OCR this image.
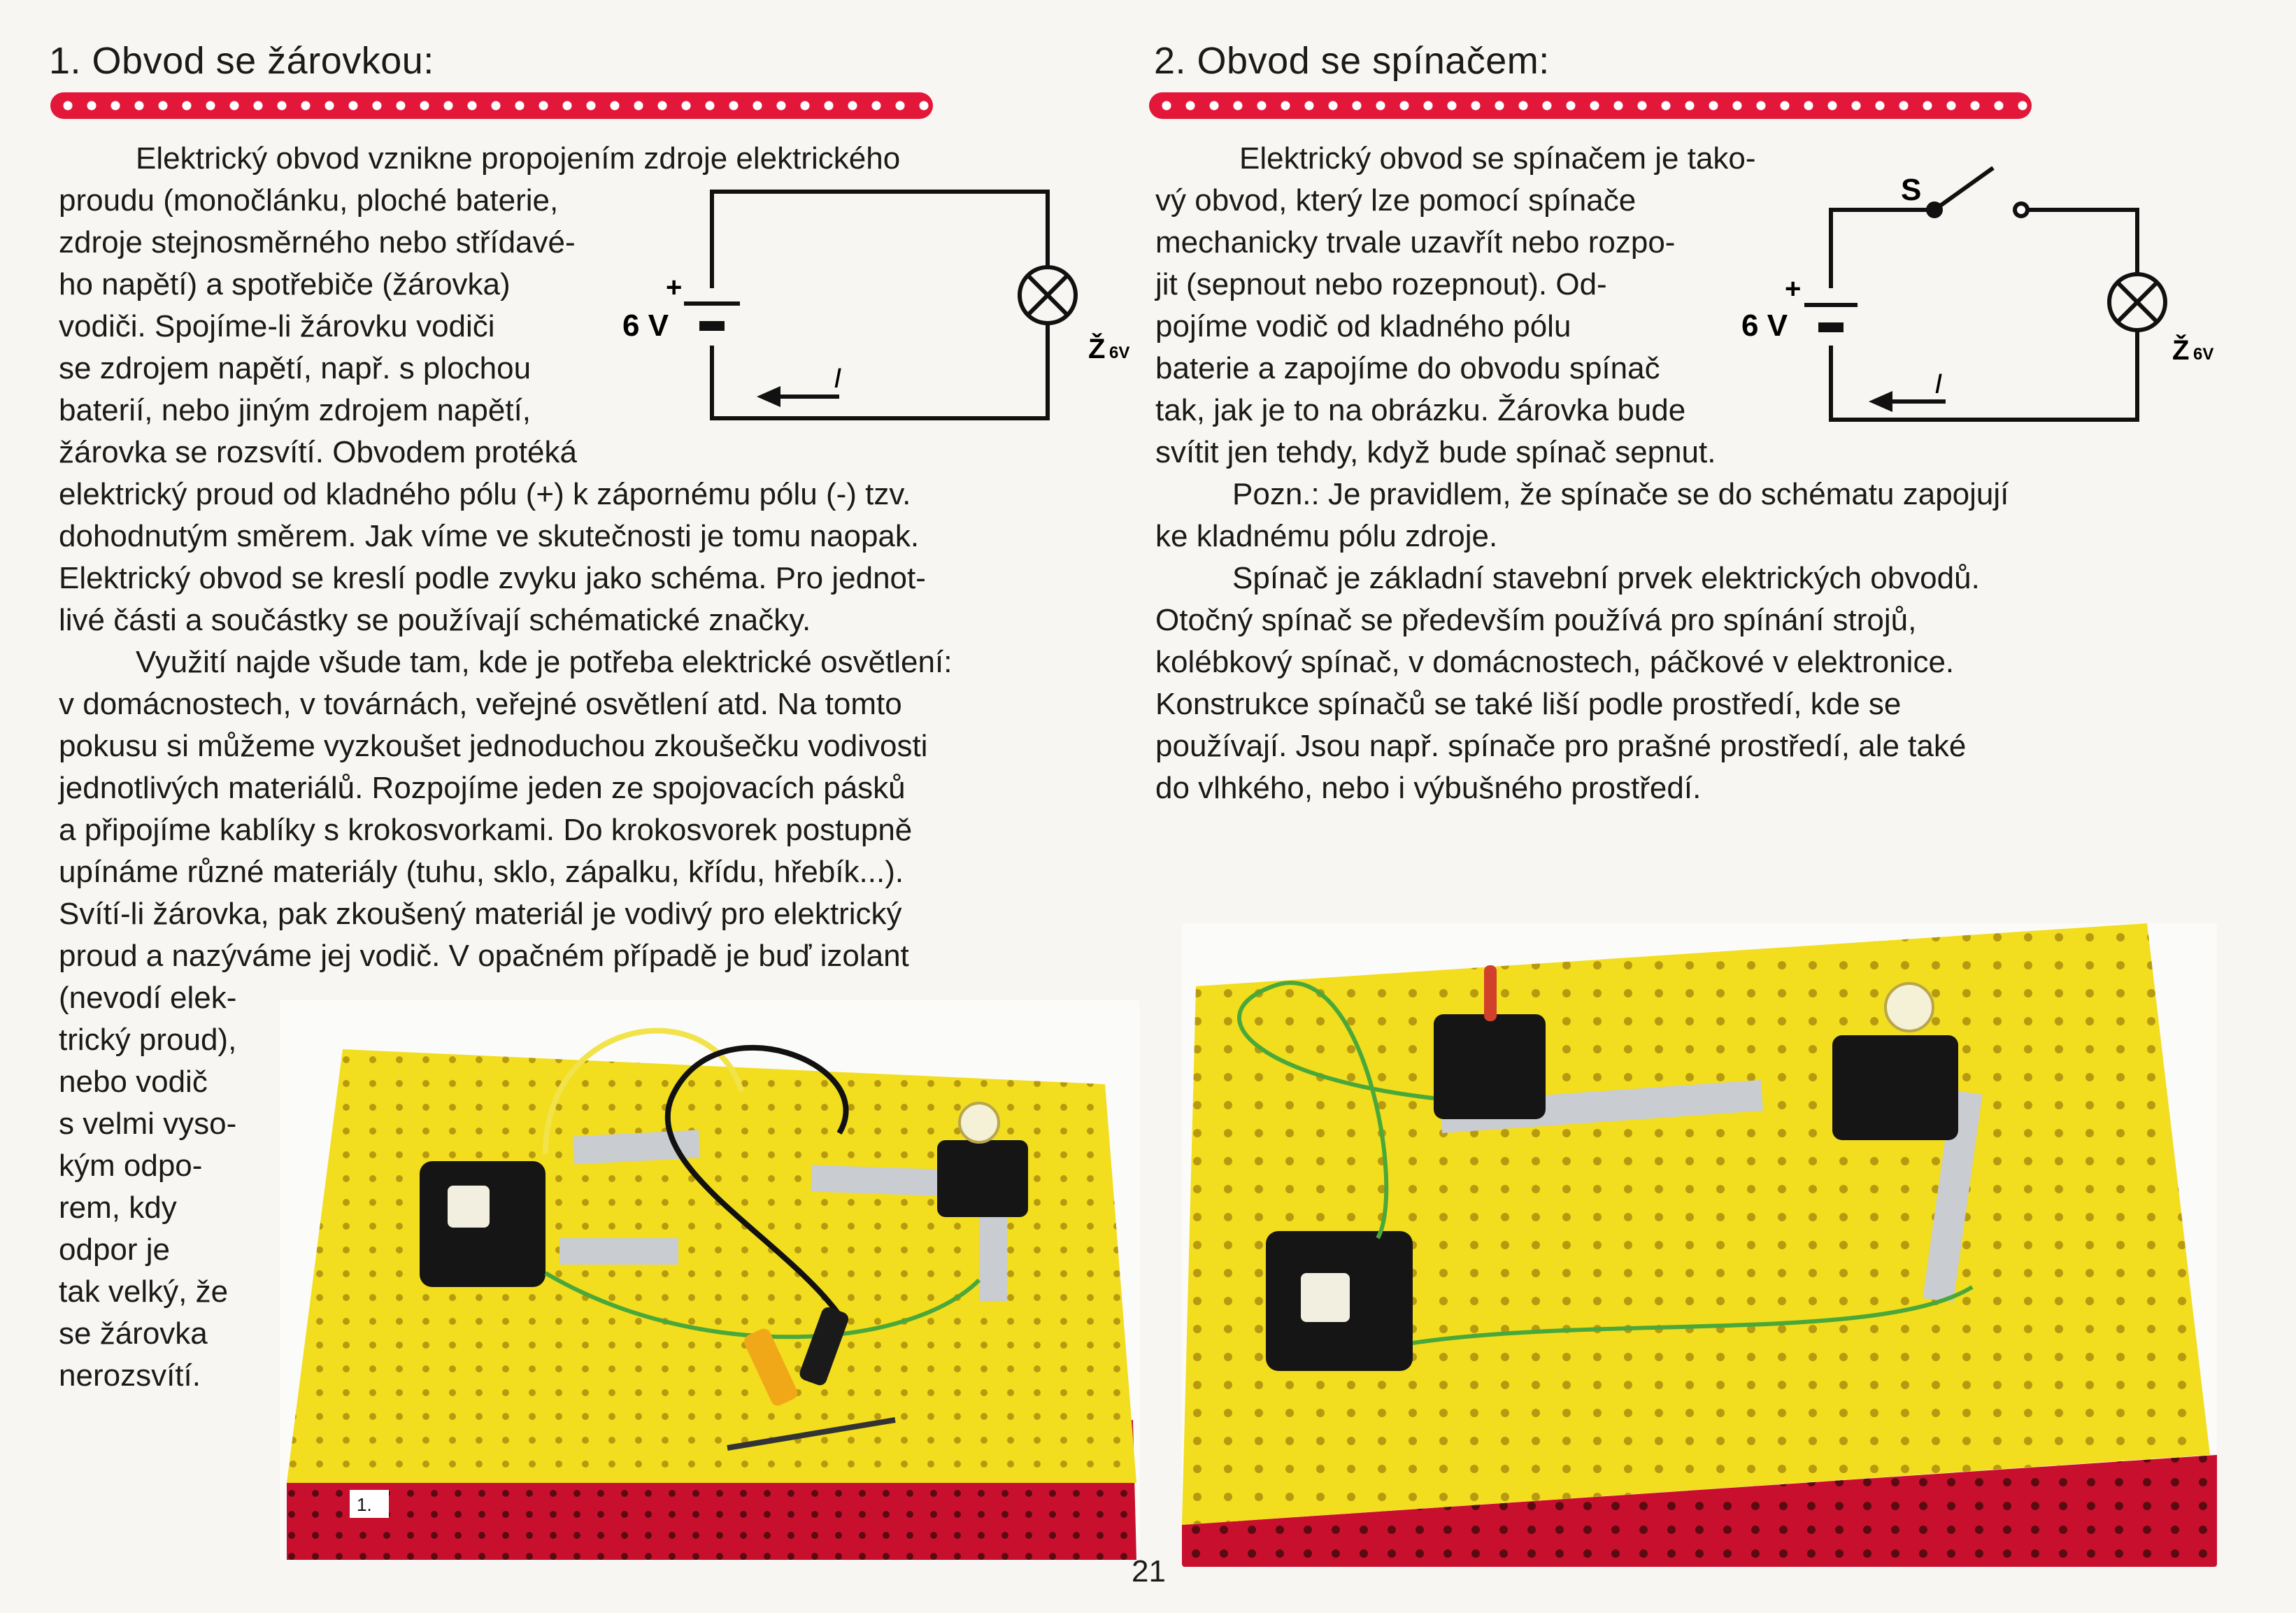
1. Obvod se žárovkou:
+
6 V
I
Ž 6V
Elektrický obvod vznikne propojením zdroje elektrického
proudu (monočlánku, ploché baterie,
zdroje stejnosměrného nebo střídavé-
ho napětí) a spotřebiče (žárovka)
vodiči. Spojíme-li žárovku vodiči
se zdrojem napětí, např. s plochou
baterií, nebo jiným zdrojem napětí,
žárovka se rozsvítí. Obvodem protéká
elektrický proud od kladného pólu (+) k zápornému pólu (-) tzv.
dohodnutým směrem. Jak víme ve skutečnosti je tomu naopak.
Elektrický obvod se kreslí podle zvyku jako schéma. Pro jednot-
livé části a součástky se používají schématické značky.
Využití najde všude tam, kde je potřeba elektrické osvětlení:
v domácnostech, v továrnách, veřejné osvětlení atd. Na tomto
pokusu si můžeme vyzkoušet jednoduchou zkoušečku vodivosti
jednotlivých materiálů. Rozpojíme jeden ze spojovacích pásků
a připojíme kablíky s krokosvorkami. Do krokosvorek postupně
upínáme různé materiály (tuhu, sklo, zápalku, křídu, hřebík...).
Svítí-li žárovka, pak zkoušený materiál je vodivý pro elektrický
proud a nazýváme jej vodič. V opačném případě je buď izolant
(nevodí elek-
trický proud),
nebo vodič
s velmi vyso-
kým odpo-
rem, kdy
odpor je
tak velký, že
se žárovka
nerozsvítí.
1.
2. Obvod se spínačem:
S
+
6 V
I
Ž 6V
Elektrický obvod se spínačem je tako-
vý obvod, který lze pomocí spínače
mechanicky trvale uzavřít nebo rozpo-
jit (sepnout nebo rozepnout). Od-
pojíme vodič od kladného pólu
baterie a zapojíme do obvodu spínač
tak, jak je to na obrázku. Žárovka bude
svítit jen tehdy, když bude spínač sepnut.
Pozn.: Je pravidlem, že spínače se do schématu zapojují
ke kladnému pólu zdroje.
Spínač je základní stavební prvek elektrických obvodů.
Otočný spínač se především používá pro spínání strojů,
kolébkový spínač, v domácnostech, páčkové v elektronice.
Konstrukce spínačů se také liší podle prostředí, kde se
používají. Jsou např. spínače pro prašné prostředí, ale také
do vlhkého, nebo i výbušného prostředí.
21
